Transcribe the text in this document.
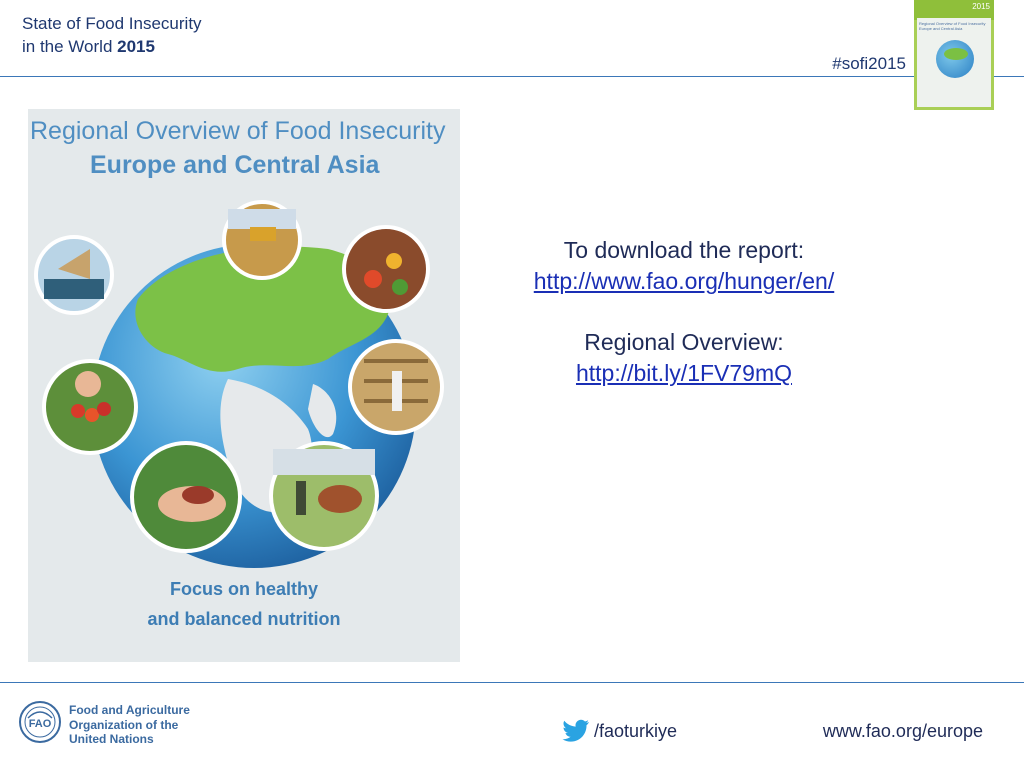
State of Food Insecurity
in the World 2015
#sofi2015
2015
Regional Overview of Food Insecurity
Europe and Central Asia
Regional Overview of Food Insecurity
Europe and Central Asia
Focus on healthy
and balanced nutrition
To download the report:
http://www.fao.org/hunger/en/
Regional Overview:
http://bit.ly/1FV79mQ
FAO
Food and Agriculture
Organization of the
United Nations	/faoturkiye	www.fao.org/europe
